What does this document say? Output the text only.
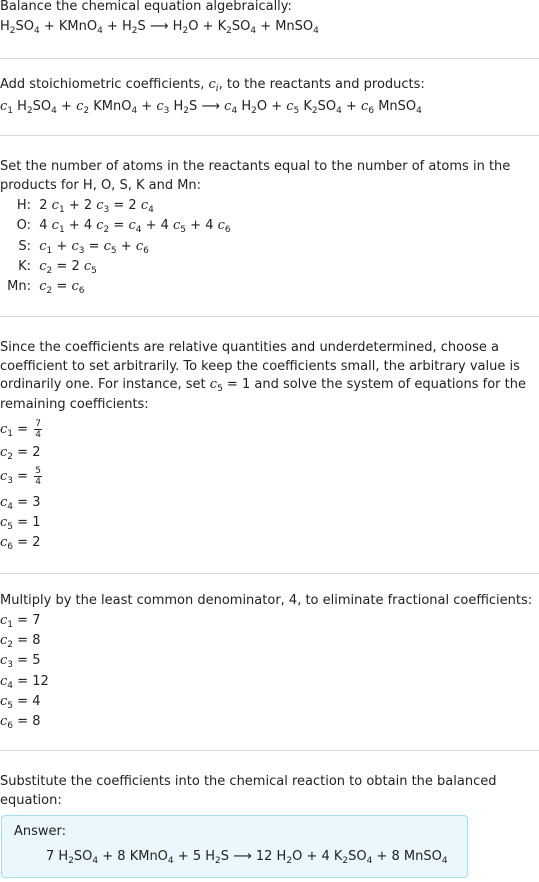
Balance the chemical equation algebraically:
$H_2SO_4$ + KMnO$_4$ + $H_2S$ ⟶ $H_2O + K_2SO_4$ + MnSO$_4$
Add stoichiometric coefficients, $c_i$, to the reactants and products:
$c_1$ $H_2SO_4 + c_2$ KMnO$_4$ + $c_3$ $H_2S$ ⟶ $c_4$ $H_2O + c_5$ $K_2SO_4 + c_6$ MnSO$_4$
Set the number of atoms in the reactants equal to the number of atoms in the
products for H, O, S, K and Mn:
H:  2 $c_1 + 2$ $c_3 = 2$ $c_4$
O:  4 $c_1 + 4$ $c_2 = c_4 + 4$ $c_5 + 4$ $c_6$
S: $c_1 + c_3 = c_5 + c_6$
K: $c_2 = 2$ $c_5$
Mn: $c_2 = c_6$
Since the coefficients are relative quantities and underdetermined, choose a
coefficient to set arbitrarily. To keep the coefficients small, the arbitrary value is
ordinarily one. For instance, set $c_5 = 1$ and solve the system of equations for the
remaining coefficients:
$c_1 = \frac{7}{4}$
$c_2 = 2$
$c_3 = \frac{5}{4}$
$c_4 = 3$
$c_5 = 1$
$c_6 = 2$
Multiply by the least common denominator, 4, to eliminate fractional coefficients:
$c_1 = 7$
$c_2 = 8$
$c_3 = 5$
$c_4 = 12$
$c_5 = 4$
$c_6 = 8$
Substitute the coefficients into the chemical reaction to obtain the balanced
equation:
Answer:
7 $H_2SO_4 + 8$ KMnO$_4$ + 5 $H_2S$ ⟶ 12 $H_2O + 4$ $K_2SO_4 + 8$ MnSO$_4$
